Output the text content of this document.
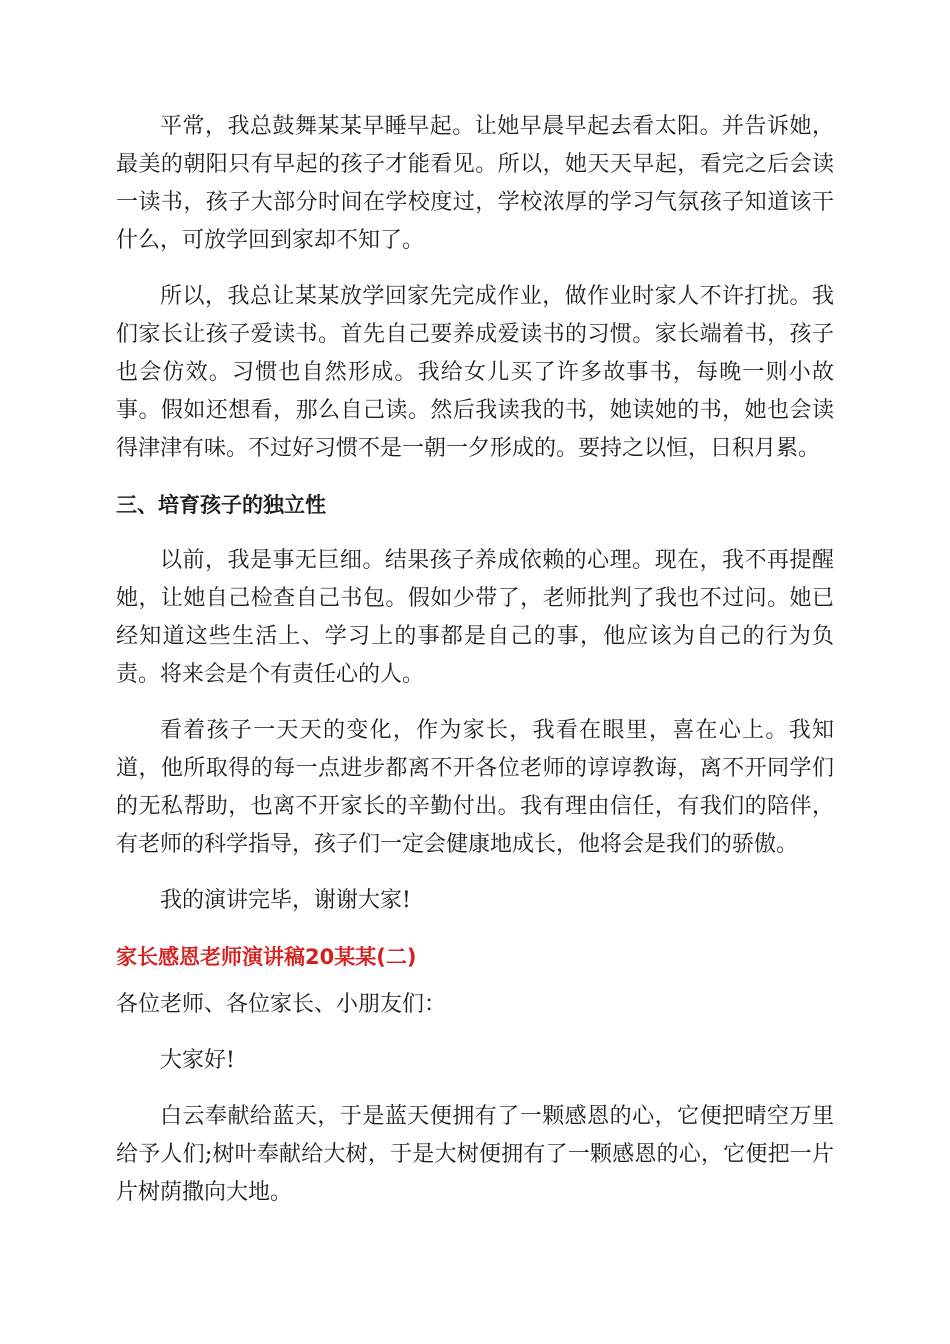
平常，我总鼓舞某某早睡早起。让她早晨早起去看太阳。并告诉她，最美的朝阳只有早起的孩子才能看见。所以，她天天早起，看完之后会读一读书，孩子大部分时间在学校度过，学校浓厚的学习气氛孩子知道该干什么，可放学回到家却不知了。

所以，我总让某某放学回家先完成作业，做作业时家人不许打扰。我们家长让孩子爱读书。首先自己要养成爱读书的习惯。家长端着书，孩子也会仿效。习惯也自然形成。我给女儿买了许多故事书，每晚一则小故事。假如还想看，那么自己读。然后我读我的书，她读她的书，她也会读得津津有味。不过好习惯不是一朝一夕形成的。要持之以恒，日积月累。

三、培育孩子的独立性

以前，我是事无巨细。结果孩子养成依赖的心理。现在，我不再提醒她，让她自己检查自己书包。假如少带了，老师批判了我也不过问。她已经知道这些生活上、学习上的事都是自己的事，他应该为自己的行为负责。将来会是个有责任心的人。

看着孩子一天天的变化，作为家长，我看在眼里，喜在心上。我知道，他所取得的每一点进步都离不开各位老师的谆谆教诲，离不开同学们的无私帮助，也离不开家长的辛勤付出。我有理由信任，有我们的陪伴，有老师的科学指导，孩子们一定会健康地成长，他将会是我们的骄傲。

我的演讲完毕，谢谢大家!

家长感恩老师演讲稿20某某(二)

各位老师、各位家长、小朋友们：

大家好!

白云奉献给蓝天，于是蓝天便拥有了一颗感恩的心，它便把晴空万里给予人们;树叶奉献给大树，于是大树便拥有了一颗感恩的心，它便把一片片树荫撒向大地。
